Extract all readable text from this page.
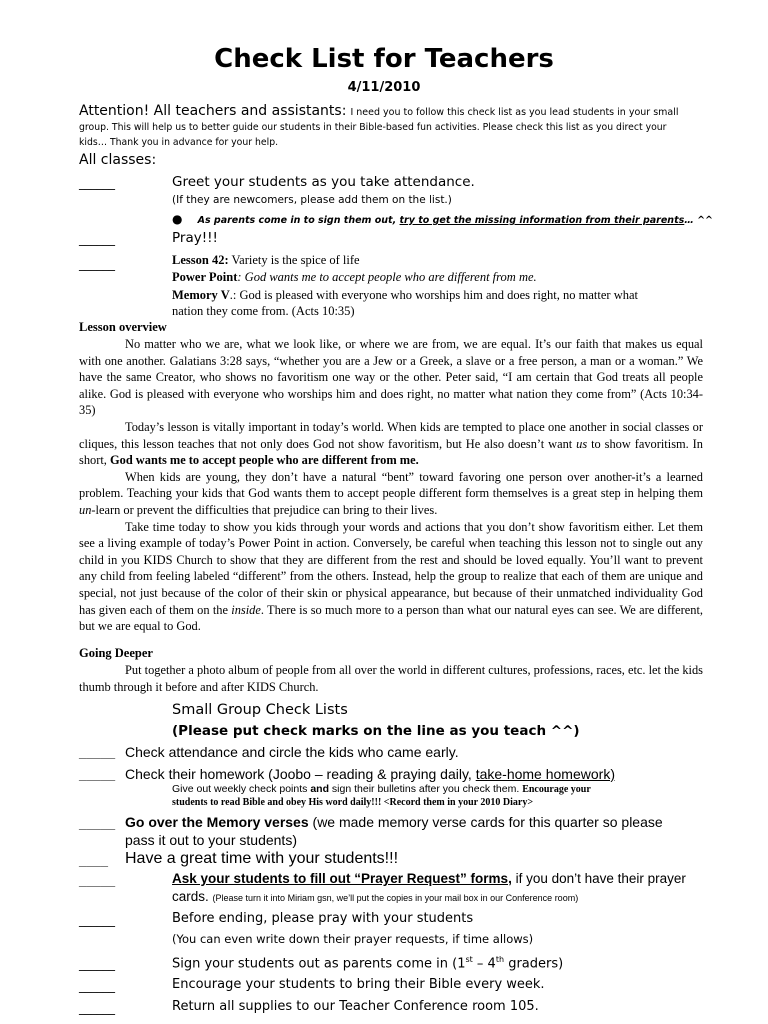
Check List for Teachers
4/11/2010
Attention! All teachers and assistants: I need you to follow this check list as you lead students in your small
group. This will help us to better guide our students in their Bible-based fun activities. Please check this list as you direct your
kids… Thank you in advance for your help.
All classes:
______	Greet your students as you take attendance.
(If they are newcomers, please add them on the list.)
● As parents come in to sign them out, try to get the missing information from their parents… ^^
______	Pray!!!
______	Lesson 42: Variety is the spice of life
Power Point: God wants me to accept people who are different from me.
Memory V.: God is pleased with everyone who worships him and does right, no matter what
nation they come from. (Acts 10:35)
Lesson overview

No matter who we are, what we look like, or where we are from, we are equal. It’s our faith that makes us equal with one another. Galatians 3:28 says, “whether you are a Jew or a Greek, a slave or a free person, a man or a woman.” We have the same Creator, who shows no favoritism one way or the other. Peter said, “I am certain that God treats all people alike. God is pleased with everyone who worships him and does right, no matter what nation they come from” (Acts 10:34-35)

Today’s lesson is vitally important in today’s world. When kids are tempted to place one another in social classes or cliques, this lesson teaches that not only does God not show favoritism, but He also doesn’t want us to show favoritism. In short, God wants me to accept people who are different from me.

When kids are young, they don’t have a natural “bent” toward favoring one person over another-it’s a learned problem. Teaching your kids that God wants them to accept people different form themselves is a great step in helping them un-learn or prevent the difficulties that prejudice can bring to their lives.

Take time today to show you kids through your words and actions that you don’t show favoritism either. Let them see a living example of today’s Power Point in action. Conversely, be careful when teaching this lesson not to single out any child in you KIDS Church to show that they are different from the rest and should be loved equally. You’ll want to prevent any child from feeling labeled “different” from the others. Instead, help the group to realize that each of them are unique and special, not just because of the color of their skin or physical appearance, but because of their unmatched individuality God has given each of them on the inside. There is so much more to a person than what our natural eyes can see. We are different, but we are equal to God.

Going Deeper

Put together a photo album of people from all over the world in different cultures, professions, races, etc. let the kids thumb through it before and after KIDS Church.

Small Group Check Lists
(Please put check marks on the line as you teach ^^)
_____ Check attendance and circle the kids who came early.
_____ Check their homework (Joobo – reading & praying daily, take-home homework)
Give out weekly check points and sign their bulletins after you check them. Encourage your
students to read Bible and obey His word daily!!! <Record them in your 2010 Diary>
_____ Go over the Memory verses (we made memory verse cards for this quarter so please
pass it out to your students)
____ Have a great time with your students!!!
_____	Ask your students to fill out “Prayer Request” forms, if you don’t have their prayer
cards. (Please turn it into Miriam gsn, we’ll put the copies in your mail box in our Conference room)
______	Before ending, please pray with your students
(You can even write down their prayer requests, if time allows)
______	Sign your students out as parents come in (1st – 4th graders)
______	Encourage your students to bring their Bible every week.
______	Return all supplies to our Teacher Conference room 105.
